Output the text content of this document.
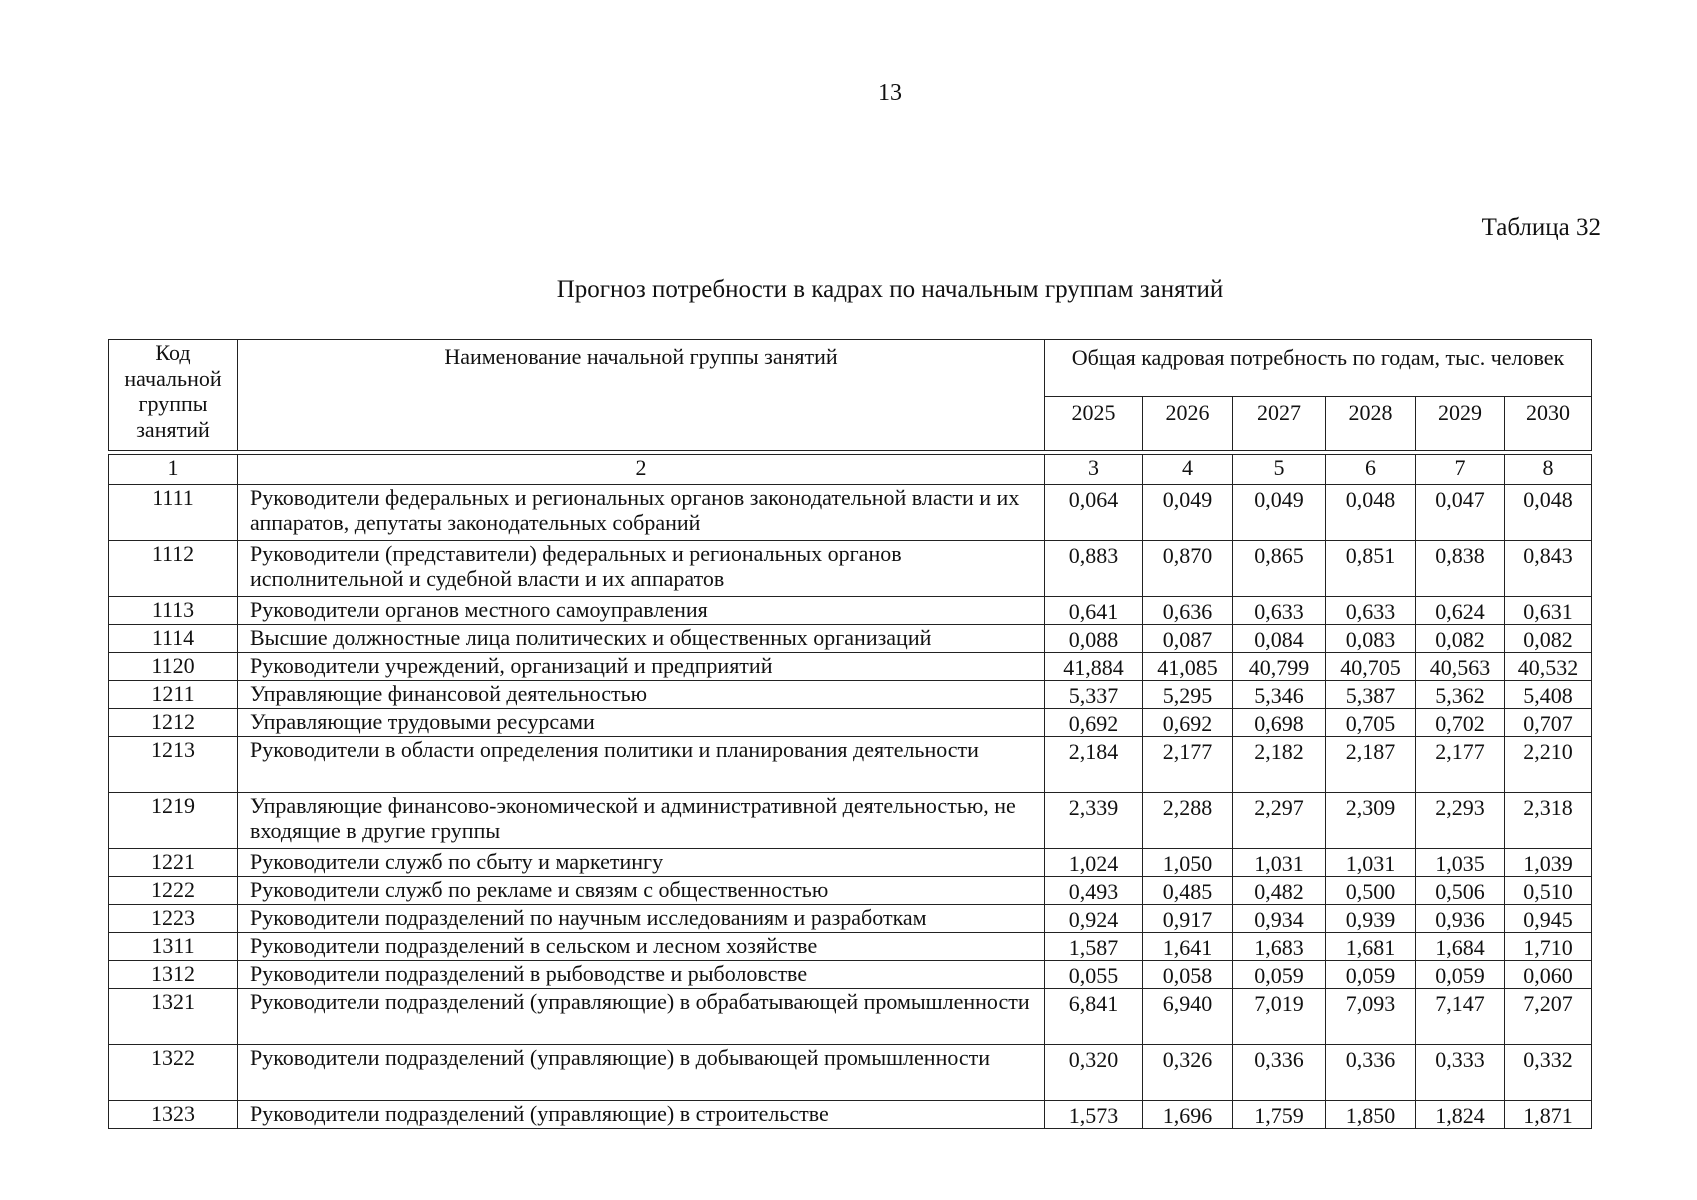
13
Таблица 32
Прогноз потребности в кадрах по начальным группам занятий
Код начальной группы занятий	Наименование начальной группы занятий	Общая кадровая потребность по годам, тыс. человек					
		2025	2026	2027	2028	2029	2030
1	2	3	4	5	6	7	8
1111	Руководители федеральных и региональных органов законодательной власти и их аппаратов, депутаты законодательных собраний	0,064	0,049	0,049	0,048	0,047	0,048
1112	Руководители (представители) федеральных и региональных органов исполнительной и судебной власти и их аппаратов	0,883	0,870	0,865	0,851	0,838	0,843
1113	Руководители органов местного самоуправления	0,641	0,636	0,633	0,633	0,624	0,631
1114	Высшие должностные лица политических и общественных организаций	0,088	0,087	0,084	0,083	0,082	0,082
1120	Руководители учреждений, организаций и предприятий	41,884	41,085	40,799	40,705	40,563	40,532
1211	Управляющие финансовой деятельностью	5,337	5,295	5,346	5,387	5,362	5,408
1212	Управляющие трудовыми ресурсами	0,692	0,692	0,698	0,705	0,702	0,707
1213	Руководители в области определения политики и планирования деятельности	2,184	2,177	2,182	2,187	2,177	2,210
1219	Управляющие финансово-экономической и административной деятельностью, не входящие в другие группы	2,339	2,288	2,297	2,309	2,293	2,318
1221	Руководители служб по сбыту и маркетингу	1,024	1,050	1,031	1,031	1,035	1,039
1222	Руководители служб по рекламе и связям с общественностью	0,493	0,485	0,482	0,500	0,506	0,510
1223	Руководители подразделений по научным исследованиям и разработкам	0,924	0,917	0,934	0,939	0,936	0,945
1311	Руководители подразделений в сельском и лесном хозяйстве	1,587	1,641	1,683	1,681	1,684	1,710
1312	Руководители подразделений в рыбоводстве и рыболовстве	0,055	0,058	0,059	0,059	0,059	0,060
1321	Руководители подразделений (управляющие) в обрабатывающей промышленности	6,841	6,940	7,019	7,093	7,147	7,207
1322	Руководители подразделений (управляющие) в добывающей промышленности	0,320	0,326	0,336	0,336	0,333	0,332
1323	Руководители подразделений (управляющие) в строительстве	1,573	1,696	1,759	1,850	1,824	1,871
